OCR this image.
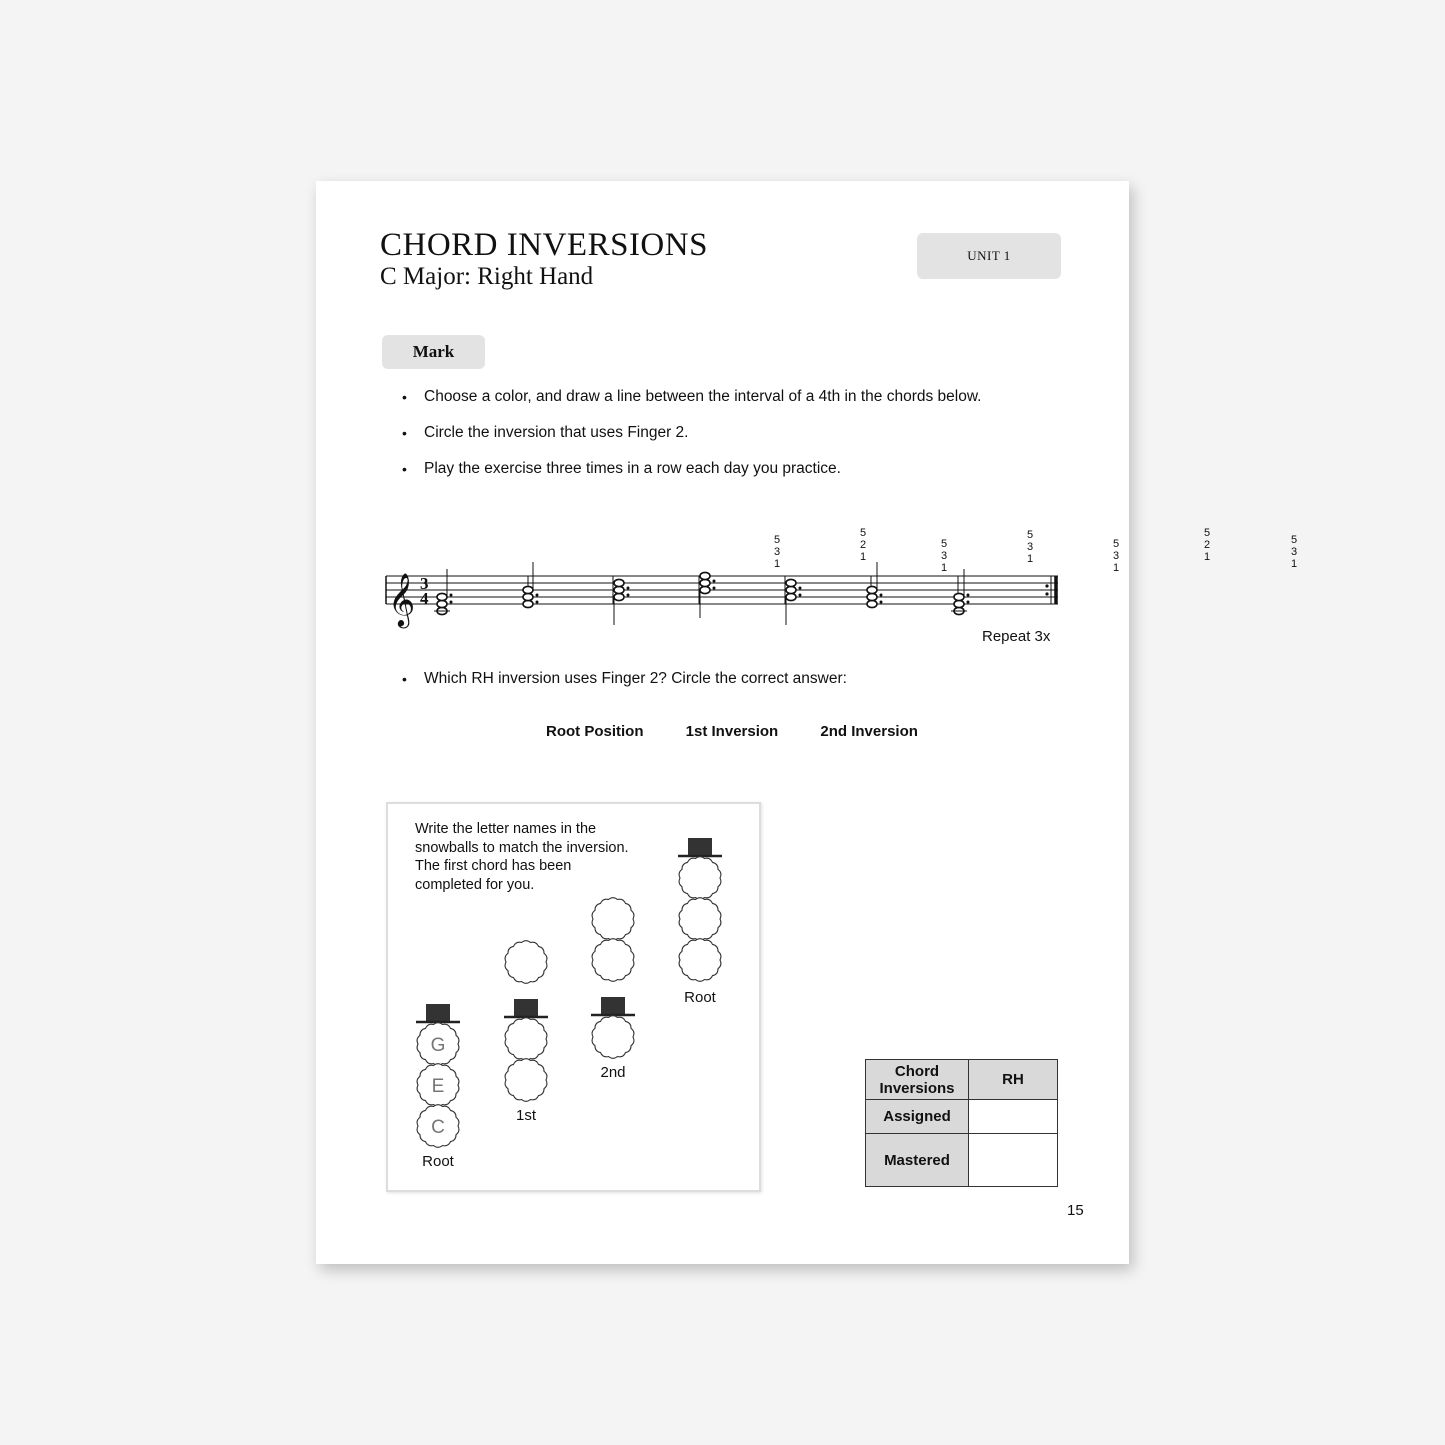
CHORD INVERSIONS
C Major: Right Hand
UNIT 1
Mark
• Choose a color, and draw a line between the interval of a 4th in the chords below.
• Circle the inversion that uses Finger 2.
• Play the exercise three times in a row each day you practice.
𝄞 3
4
5
3
1
5
2
1
5
3
1
5
3
1
5
3
1
5
2
1
5
3
1
Repeat 3x
• Which RH inversion uses Finger 2? Circle the correct answer:
Root Position	1st Inversion	2nd Inversion
G
E
C
Root
1st
2nd
Root
Write the letter names in the snowballs to match the inversion. The first chord has been completed for you.
Chord Inversions	RH
Assigned	
Mastered	
15
